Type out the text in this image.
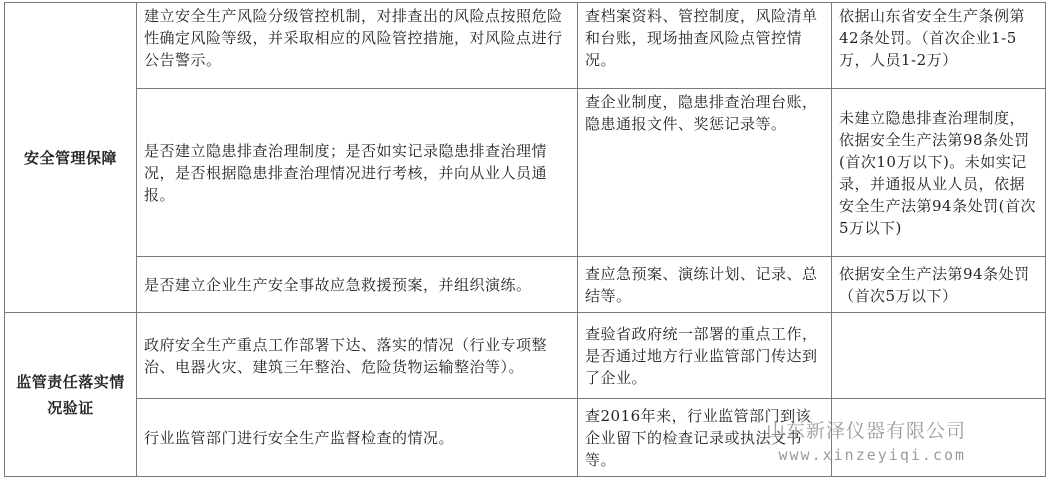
安全管理保障	建立安全生产风险分级管控机制，对排查出的风险点按照危险性确定风险等级，并采取相应的风险管控措施，对风险点进行公告警示。	查档案资料、管控制度，风险清单和台账，现场抽查风险点管控情况。	依据山东省安全生产条例第42条处罚。（首次企业1-5万，人员1-2万）
	是否建立隐患排查治理制度；是否如实记录隐患排查治理情况，是否根据隐患排查治理情况进行考核，并向从业人员通报。	查企业制度，隐患排查治理台账，隐患通报文件、奖惩记录等。	未建立隐患排查治理制度，依据安全生产法第98条处罚(首次10万以下)。未如实记录，并通报从业人员，依据安全生产法第94条处罚(首次5万以下)
	是否建立企业生产安全事故应急救援预案，并组织演练。	查应急预案、演练计划、记录、总结等。	依据安全生产法第94条处罚（首次5万以下）
监管责任落实情况验证	政府安全生产重点工作部署下达、落实的情况（行业专项整治、电器火灾、建筑三年整治、危险货物运输整治等）。	查验省政府统一部署的重点工作，是否通过地方行业监管部门传达到了企业。	
	行业监管部门进行安全生产监督检查的情况。	查2016年来，行业监管部门到该企业留下的检查记录或执法文书等。	
山东新泽仪器有限公司
www.xinzeyiqi.com
